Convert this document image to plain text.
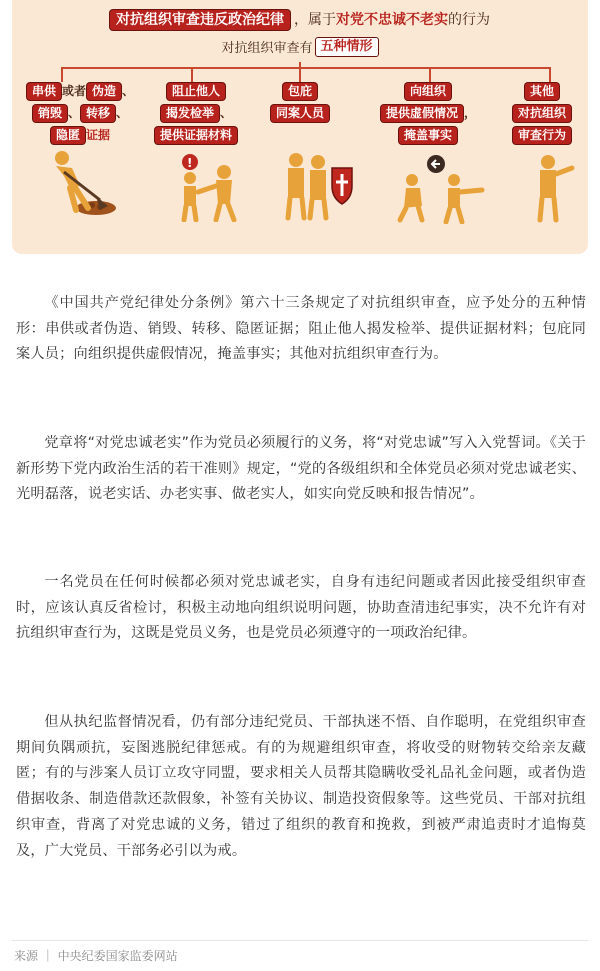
对抗组织审查违反政治纪律 ，属于对党不忠诚不老实的行为
对抗组织审查有 五种情形
串供 或者 伪造 、
销毁 、 转移 、
隐匿 证据
阻止他人
揭发检举 、
提供证据材料
包庇
同案人员
向组织
提供虚假情况 ，
掩盖事实
其他
对抗组织
审查行为
!

《中国共产党纪律处分条例》第六十三条规定了对抗组织审查，应予处分的五种情形：串供或者伪造、销毁、转移、隐匿证据；阻止他人揭发检举、提供证据材料；包庇同案人员；向组织提供虚假情况，掩盖事实；其他对抗组织审查行为。

党章将“对党忠诚老实”作为党员必须履行的义务，将“对党忠诚”写入入党誓词。《关于新形势下党内政治生活的若干准则》规定，“党的各级组织和全体党员必须对党忠诚老实、光明磊落，说老实话、办老实事、做老实人，如实向党反映和报告情况”。

一名党员在任何时候都必须对党忠诚老实，自身有违纪问题或者因此接受组织审查时，应该认真反省检讨，积极主动地向组织说明问题，协助查清违纪事实，决不允许有对抗组织审查行为，这既是党员义务，也是党员必须遵守的一项政治纪律。

但从执纪监督情况看，仍有部分违纪党员、干部执迷不悟、自作聪明，在党组织审查期间负隅顽抗，妄图逃脱纪律惩戒。有的为规避组织审查，将收受的财物转交给亲友藏匿；有的与涉案人员订立攻守同盟，要求相关人员帮其隐瞒收受礼品礼金问题，或者伪造借据收条、制造借款还款假象，补签有关协议、制造投资假象等。这些党员、干部对抗组织审查，背离了对党忠诚的义务，错过了组织的教育和挽救，到被严肃追责时才追悔莫及，广大党员、干部务必引以为戒。

来源 ｜ 中央纪委国家监委网站
